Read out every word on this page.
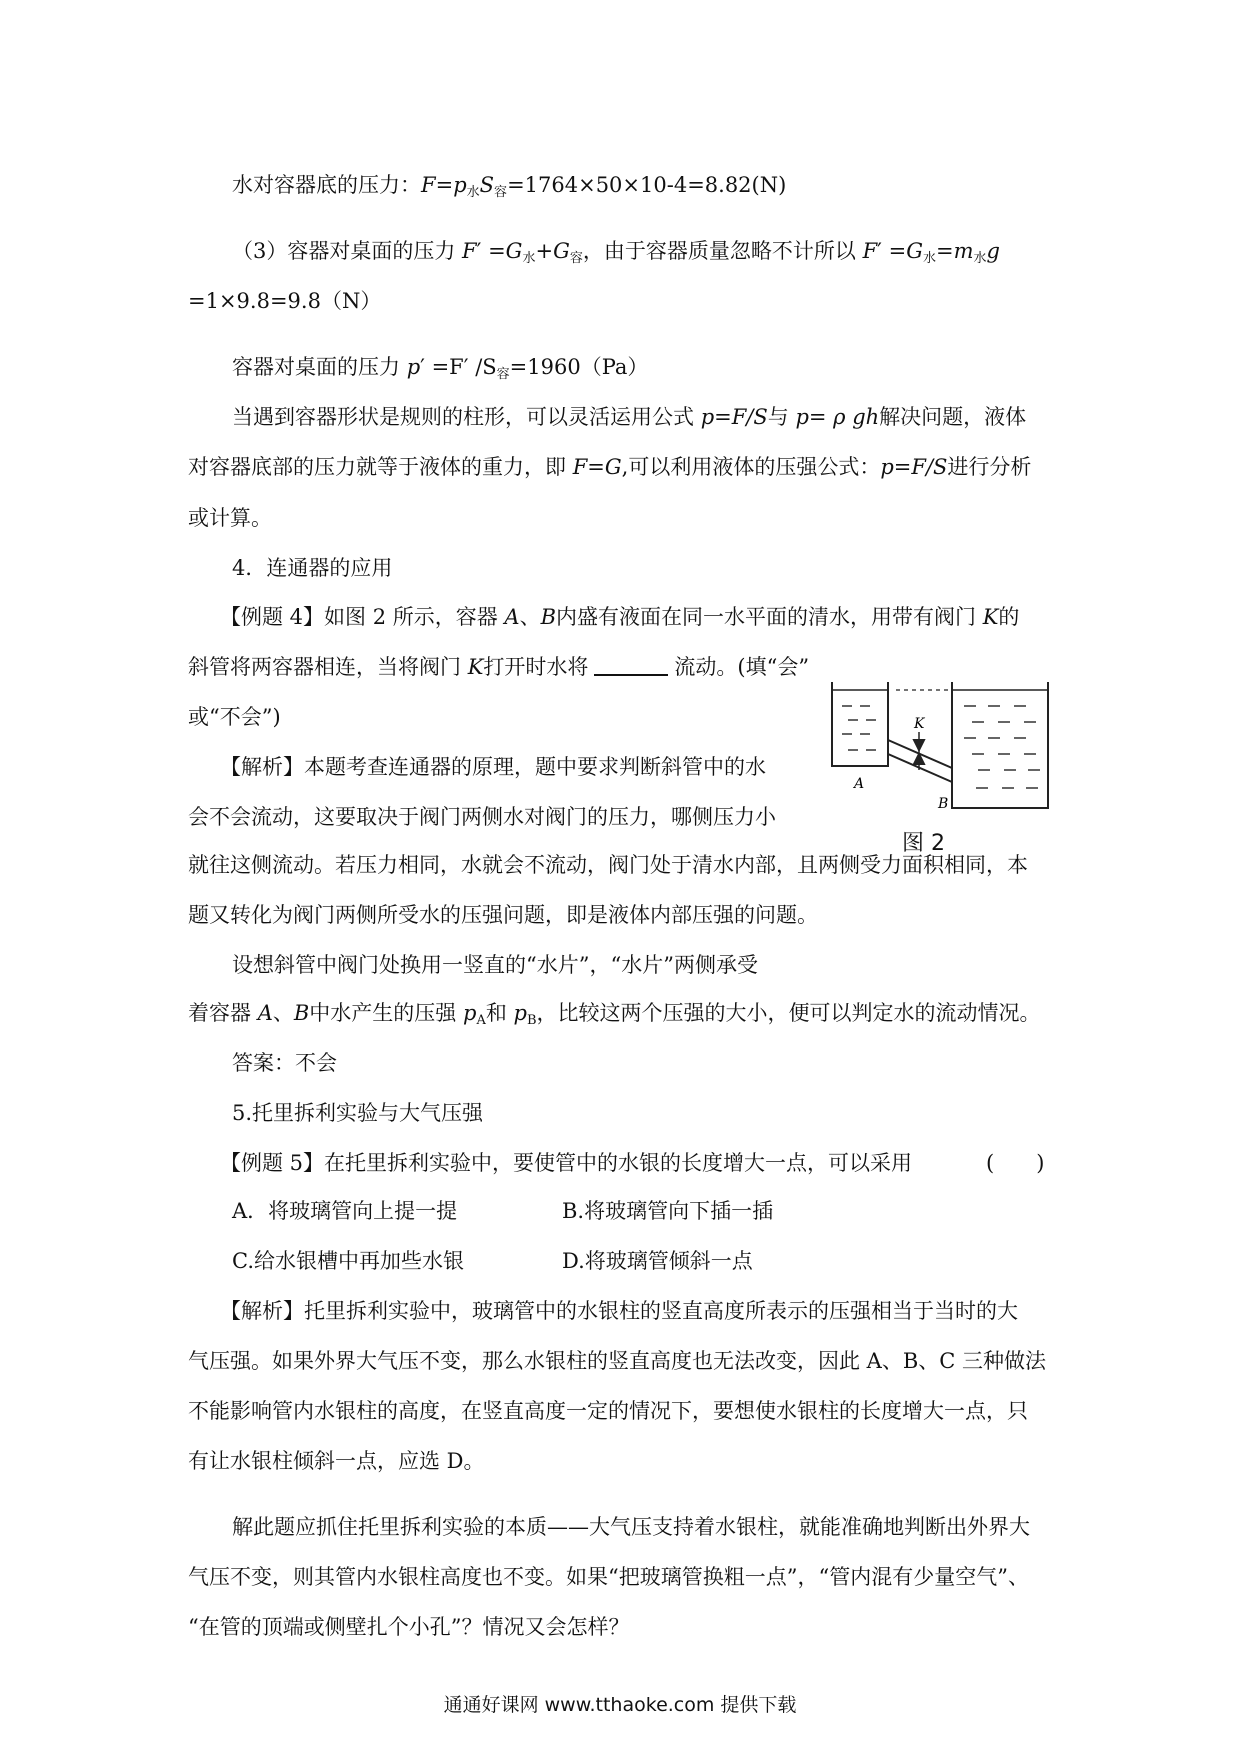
水对容器底的压力：$F=p_水S_容=1764\times 50\times 10-4=8.82(N)$
（3）容器对桌面的压力 $F' =G_水+G_容$，由于容器质量忽略不计所以 $F' =G_水=m_水g$
=1×9.8=9.8（N）
容器对桌面的压力 p′ =F′ $/S_容=1960(Pa)$
当遇到容器形状是规则的柱形，可以灵活运用公式 p=F/S与 p= ρ gh解决问题，液体
对容器底部的压力就等于液体的重力，即 F=G,可以利用液体的压强公式：p=F/S进行分析
或计算。
4．连通器的应用
【例题 4】如图 2 所示，容器 A、B内盛有液面在同一水平面的清水，用带有阀门 K的
斜管将两容器相连，当将阀门 K打开时水将	流动。(填“会”
或“不会”)
A
B
K
图 2
【解析】本题考查连通器的原理，题中要求判断斜管中的水
会不会流动，这要取决于阀门两侧水对阀门的压力，哪侧压力小
就往这侧流动。若压力相同，水就会不流动，阀门处于清水内部，且两侧受力面积相同，本
题又转化为阀门两侧所受水的压强问题，即是液体内部压强的问题。
设想斜管中阀门处换用一竖直的“水片”，“水片”两侧承受
着容器 A、B中水产生的压强 $p_A$和 $p_B$，比较这两个压强的大小，便可以判定水的流动情况。
答案：不会
5.托里拆利实验与大气压强
【例题 5】在托里拆利实验中，要使管中的水银的长度增大一点，可以采用	(　　)
A．将玻璃管向上提一提	B.将玻璃管向下插一插
C.给水银槽中再加些水银	D.将玻璃管倾斜一点
【解析】托里拆利实验中，玻璃管中的水银柱的竖直高度所表示的压强相当于当时的大
气压强。如果外界大气压不变，那么水银柱的竖直高度也无法改变，因此 A、B、C 三种做法
不能影响管内水银柱的高度，在竖直高度一定的情况下，要想使水银柱的长度增大一点，只
有让水银柱倾斜一点，应选 D。
解此题应抓住托里拆利实验的本质——大气压支持着水银柱，就能准确地判断出外界大
气压不变，则其管内水银柱高度也不变。如果“把玻璃管换粗一点”，“管内混有少量空气”、
“在管的顶端或侧壁扎个小孔”？情况又会怎样？
通通好课网 www.tthaoke.com 提供下载
